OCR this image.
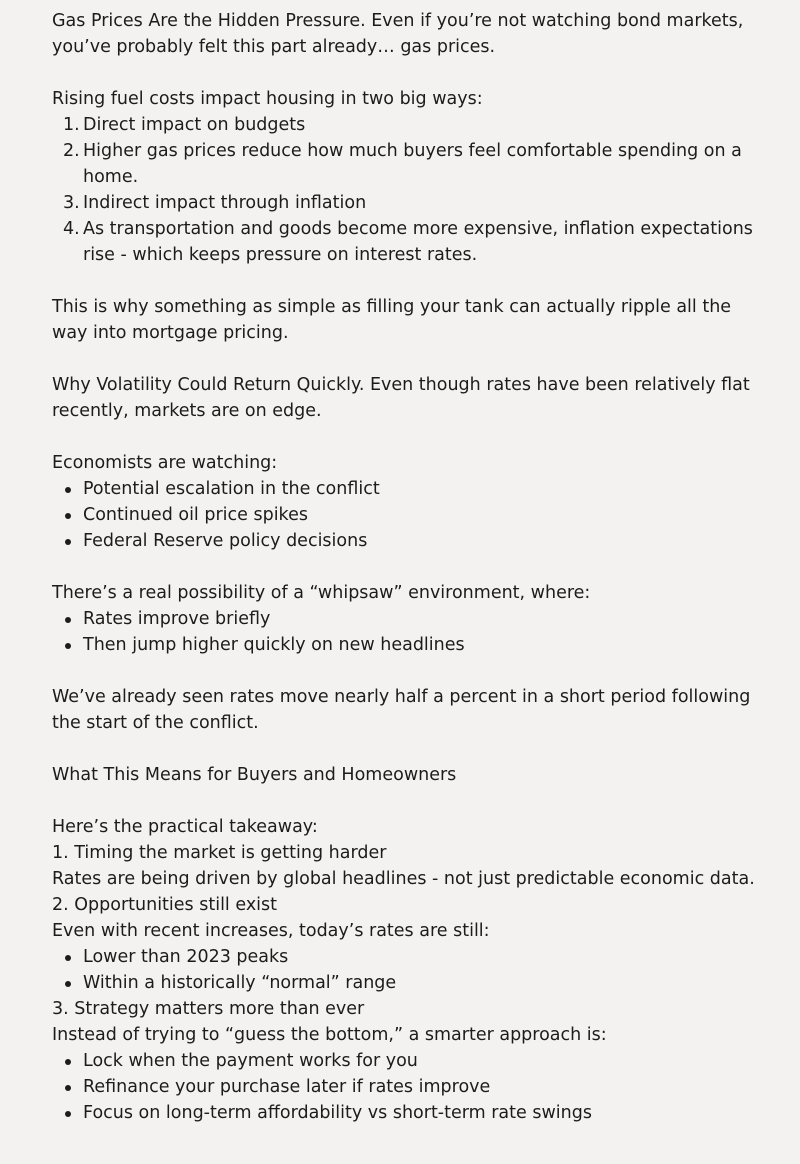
Gas Prices Are the Hidden Pressure. Even if you’re not watching bond markets, you’ve probably felt this part already… gas prices.

Rising fuel costs impact housing in two big ways:

1. Direct impact on budgets
2. Higher gas prices reduce how much buyers feel comfortable spending on a home.
3. Indirect impact through inflation
4. As transportation and goods become more expensive, inflation expectations rise - which keeps pressure on interest rates.

This is why something as simple as filling your tank can actually ripple all the way into mortgage pricing.

Why Volatility Could Return Quickly. Even though rates have been relatively flat recently, markets are on edge.

Economists are watching:

Potential escalation in the conflict
Continued oil price spikes
Federal Reserve policy decisions

There’s a real possibility of a “whipsaw” environment, where:

Rates improve briefly
Then jump higher quickly on new headlines

We’ve already seen rates move nearly half a percent in a short period following the start of the conflict.

What This Means for Buyers and Homeowners

Here’s the practical takeaway:

1. Timing the market is getting harder

Rates are being driven by global headlines - not just predictable economic data.

2. Opportunities still exist

Even with recent increases, today’s rates are still:

Lower than 2023 peaks
Within a historically “normal” range

3. Strategy matters more than ever

Instead of trying to “guess the bottom,” a smarter approach is:

Lock when the payment works for you
Refinance your purchase later if rates improve
Focus on long-term affordability vs short-term rate swings
